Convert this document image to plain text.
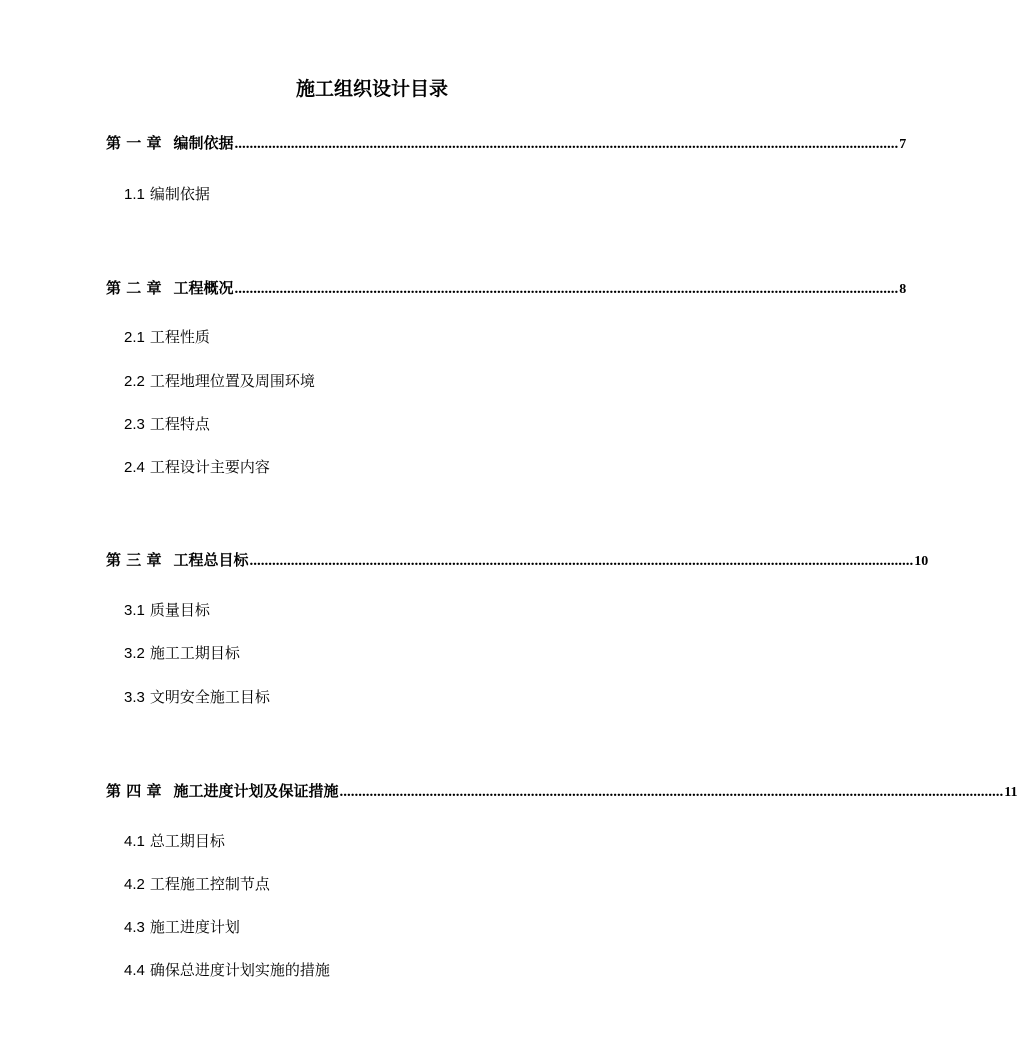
施工组织设计目录
第 一 章 编制依据 ................................................................................................................................................................................. 7
1.1 编制依据
第 二 章 工程概况 ................................................................................................................................................................................. 8
2.1 工程性质
2.2 工程地理位置及周围环境
2.3 工程特点
2.4 工程设计主要内容
第 三 章 工程总目标 ................................................................................................................................................................................. 10
3.1 质量目标
3.2 施工工期目标
3.3 文明安全施工目标
第 四 章 施工进度计划及保证措施 ................................................................................................................................................................................. 11
4.1 总工期目标
4.2 工程施工控制节点
4.3 施工进度计划
4.4 确保总进度计划实施的措施
